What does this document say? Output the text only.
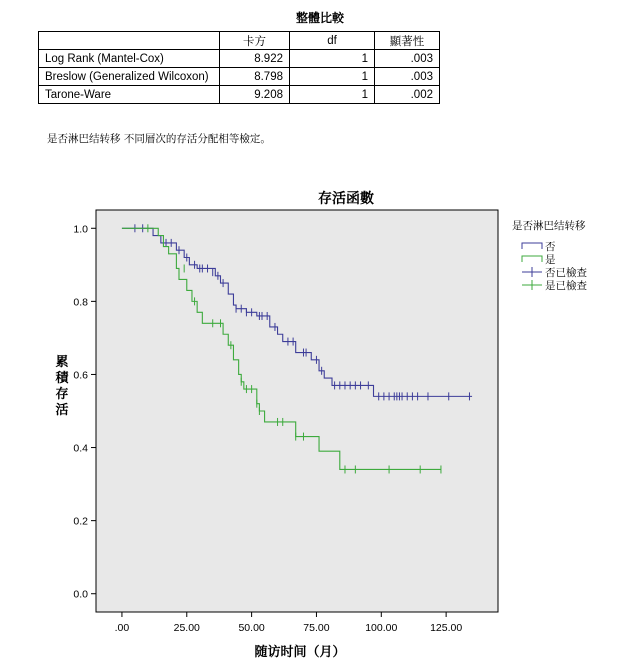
整體比較
	卡方	df	顯著性
Log Rank (Mantel-Cox)	8.922	1	.003
Breslow (Generalized Wilcoxon)	8.798	1	.003
Tarone-Ware	9.208	1	.002
是否淋巴结转移 不同層次的存活分配相等檢定。
存活函數
0.0
0.2
0.4
0.6
0.8
1.0
.00	25.00	50.00	75.00	100.00	125.00
随访时间（月）
累積存活
是否淋巴结转移
否
是
否已檢查
是已檢查
